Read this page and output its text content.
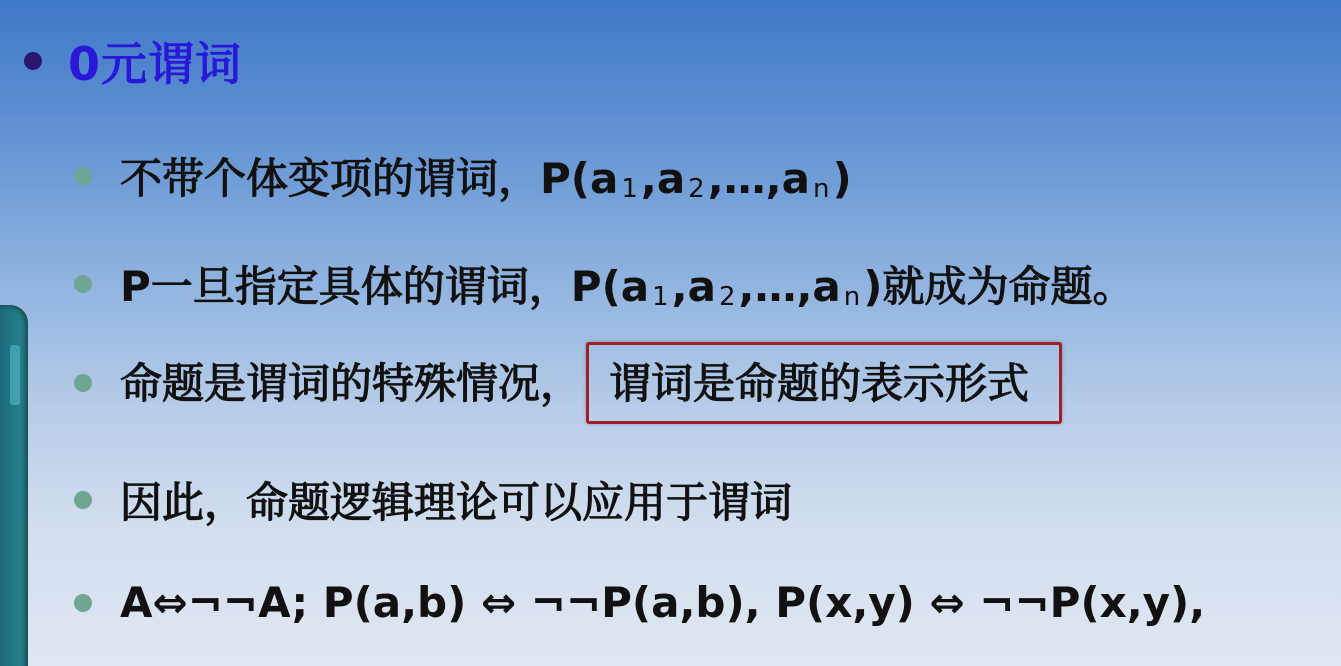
0元谓词
不带个体变项的谓词，P(a $_1$,a $_2$,…,a $_n$)
P一旦指定具体的谓词，P(a $_1$,a $_2$,…,a $_n$)就成为命题。
命题是谓词的特殊情况， 谓词是命题的表示形式
因此，命题逻辑理论可以应用于谓词
A⇔¬¬A; P(a,b) ⇔ ¬¬P(a,b), P(x,y) ⇔ ¬¬P(x,y),
